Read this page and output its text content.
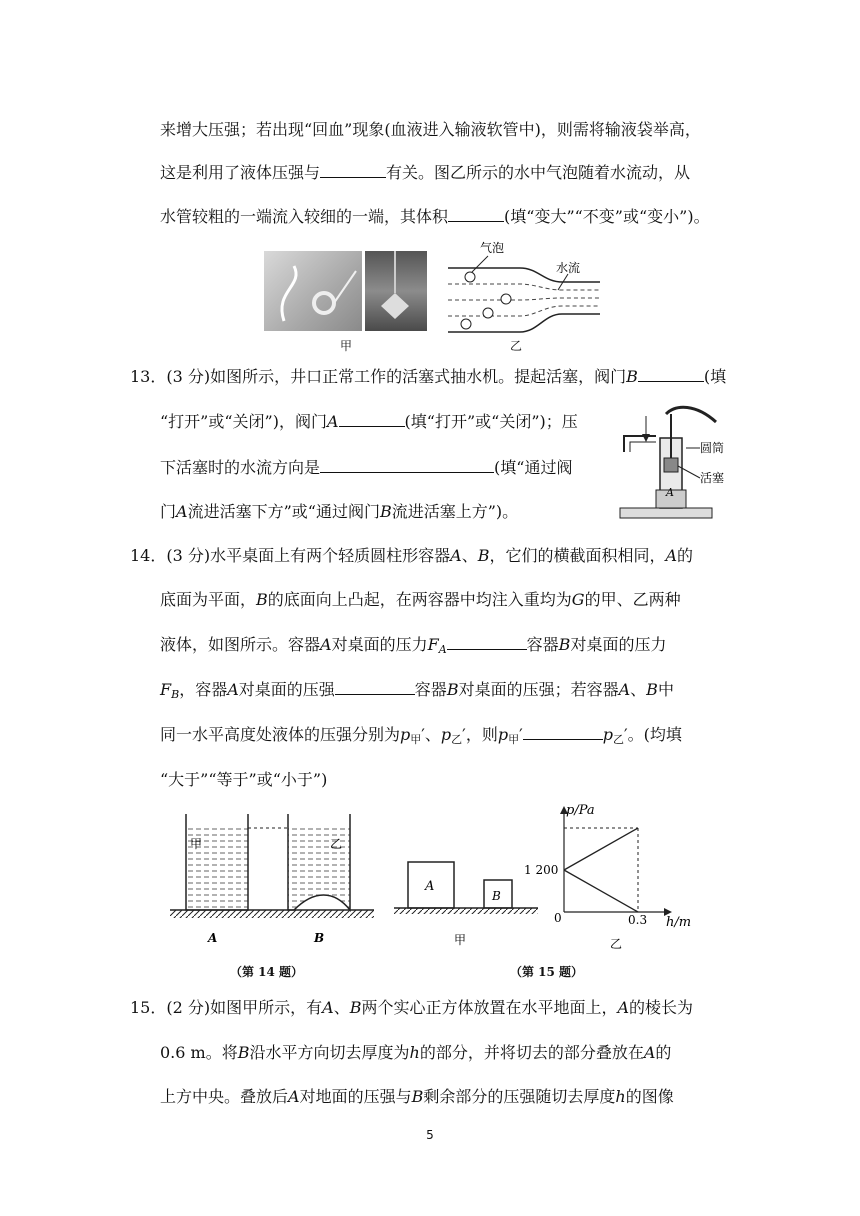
来增大压强；若出现“回血”现象(血液进入输液软管中)，则需将输液袋举高，
这是利用了液体压强与	有关。图乙所示的水中气泡随着水流动，从
水管较粗的一端流入较细的一端，其体积	(填“变大”“不变”或“变小”)。
甲
气泡
水流
乙
13．(3 分)如图所示，井口正常工作的活塞式抽水机。提起活塞，阀门B	(填
“打开”或“关闭”)，阀门A	(填“打开”或“关闭”)；压
下活塞时的水流方向是	(填“通过阀
门A流进活塞下方”或“通过阀门B流进活塞上方”)。
圆筒
活塞
A
14．(3 分)水平桌面上有两个轻质圆柱形容器A、B，它们的横截面积相同，A的
底面为平面，B的底面向上凸起，在两容器中均注入重均为G的甲、乙两种
液体，如图所示。容器A对桌面的压力FA	容器B对桌面的压力
FB，容器A对桌面的压强	容器B对桌面的压强；若容器A、B中
同一水平高度处液体的压强分别为p甲′、p乙′，则p甲′	p乙′。(均填
“大于”“等于”或“小于”)
甲	乙
A	B
（第 14 题）
A
B
甲
p/Pa
1 200
0	0.3 h/m
乙
（第 15 题）
15．(2 分)如图甲所示，有A、B两个实心正方体放置在水平地面上，A的棱长为
0.6 m。将B沿水平方向切去厚度为h的部分，并将切去的部分叠放在A的
上方中央。叠放后A对地面的压强与B剩余部分的压强随切去厚度h的图像
5
